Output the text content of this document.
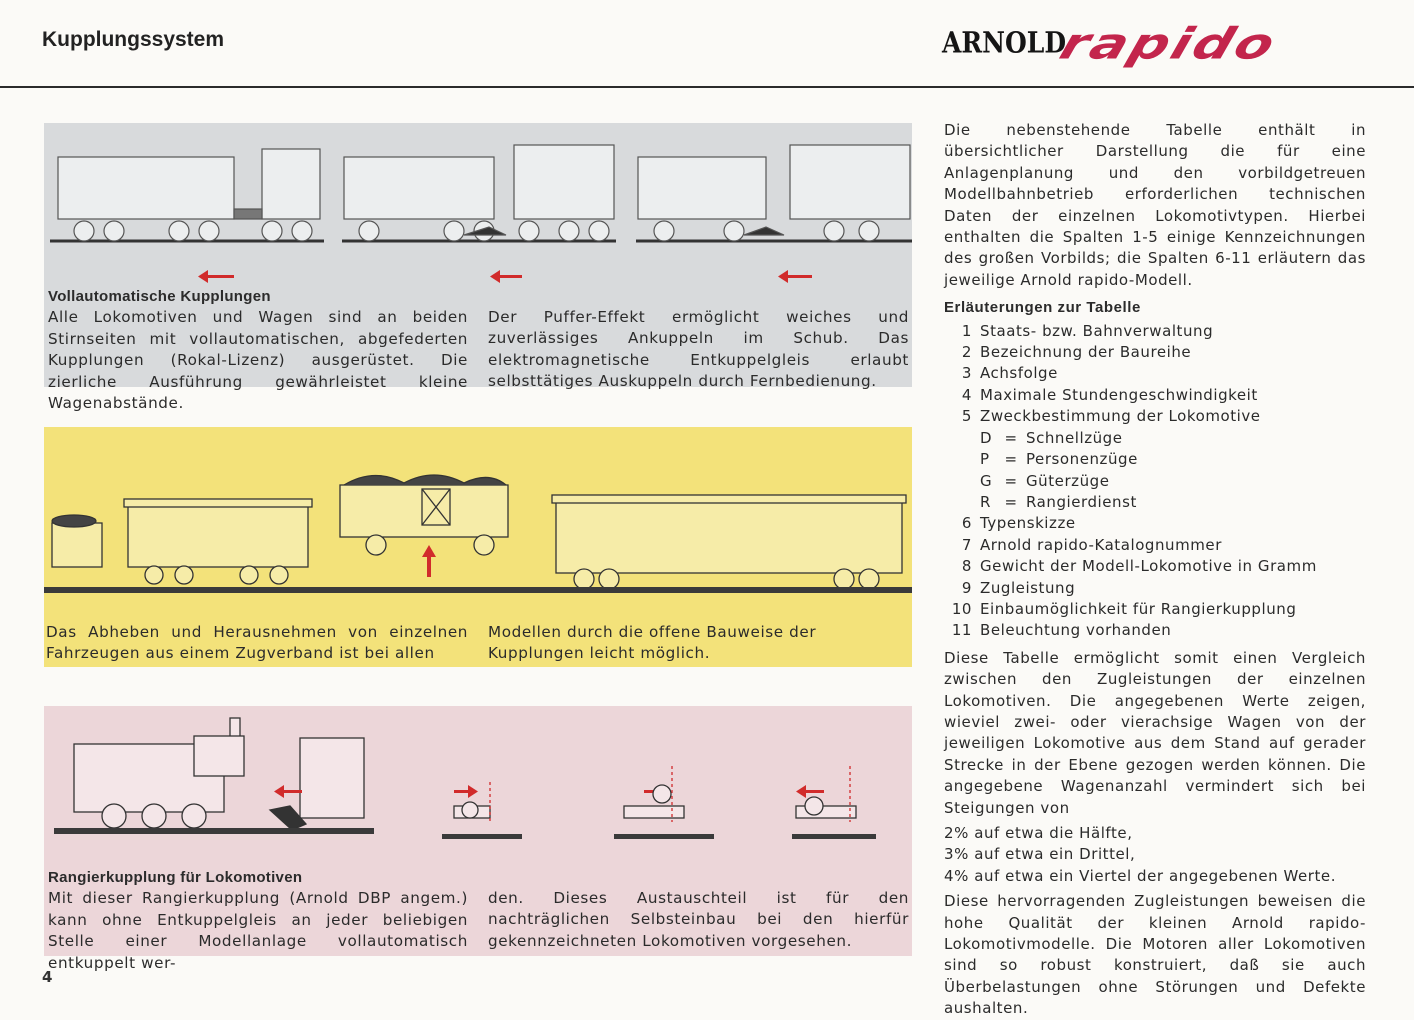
Kupplungssystem	ARNOLD
rapido
Vollautomatische Kupplungen
Alle Lokomotiven und Wagen sind an beiden Stirnseiten mit vollautomatischen, abgefederten Kupplungen (Rokal-Lizenz) ausgerüstet. Die zierliche Ausführung gewährleistet kleine Wagenabstände.
Der Puffer-Effekt ermöglicht weiches und zuverlässiges Ankuppeln im Schub. Das elektromagnetische Entkuppelgleis erlaubt selbsttätiges Auskuppeln durch Fernbedienung.
Das Abheben und Herausnehmen von einzelnen Fahrzeugen aus einem Zugverband ist bei allen
Modellen durch die offene Bauweise der Kupplungen leicht möglich.
Rangierkupplung für Lokomotiven
Mit dieser Rangierkupplung (Arnold DBP angem.) kann ohne Entkuppelgleis an jeder beliebigen Stelle einer Modellanlage vollautomatisch entkuppelt wer-
den. Dieses Austauschteil ist für den nachträglichen Selbsteinbau bei den hierfür gekennzeichneten Lokomotiven vorgesehen.

Die nebenstehende Tabelle enthält in übersichtlicher Darstellung die für eine Anlagenplanung und den vorbildgetreuen Modellbahnbetrieb erforderlichen technischen Daten der einzelnen Lokomotivtypen. Hierbei enthalten die Spalten 1-5 einige Kennzeichnungen des großen Vorbilds; die Spalten 6-11 erläutern das jeweilige Arnold rapido-Modell.

Erläuterungen zur Tabelle
1 Staats- bzw. Bahnverwaltung
2 Bezeichnung der Baureihe
3 Achsfolge
4 Maximale Stundengeschwindigkeit
5 Zweckbestimmung der Lokomotive
D = Schnellzüge
P = Personenzüge
G = Güterzüge
R = Rangierdienst
6 Typenskizze
7 Arnold rapido-Katalognummer
8 Gewicht der Modell-Lokomotive in Gramm
9 Zugleistung
10 Einbaumöglichkeit für Rangierkupplung
11 Beleuchtung vorhanden

Diese Tabelle ermöglicht somit einen Vergleich zwischen den Zugleistungen der einzelnen Lokomotiven. Die angegebenen Werte zeigen, wieviel zwei- oder vierachsige Wagen von der jeweiligen Lokomotive aus dem Stand auf gerader Strecke in der Ebene gezogen werden können. Die angegebene Wagenanzahl vermindert sich bei Steigungen von

2% auf etwa die Hälfte,
3% auf etwa ein Drittel,
4% auf etwa ein Viertel der angegebenen Werte.

Diese hervorragenden Zugleistungen beweisen die hohe Qualität der kleinen Arnold rapido-Lokomotivmodelle. Die Motoren aller Lokomotiven sind so robust konstruiert, daß sie auch Überbelastungen ohne Störungen und Defekte aushalten.

4
